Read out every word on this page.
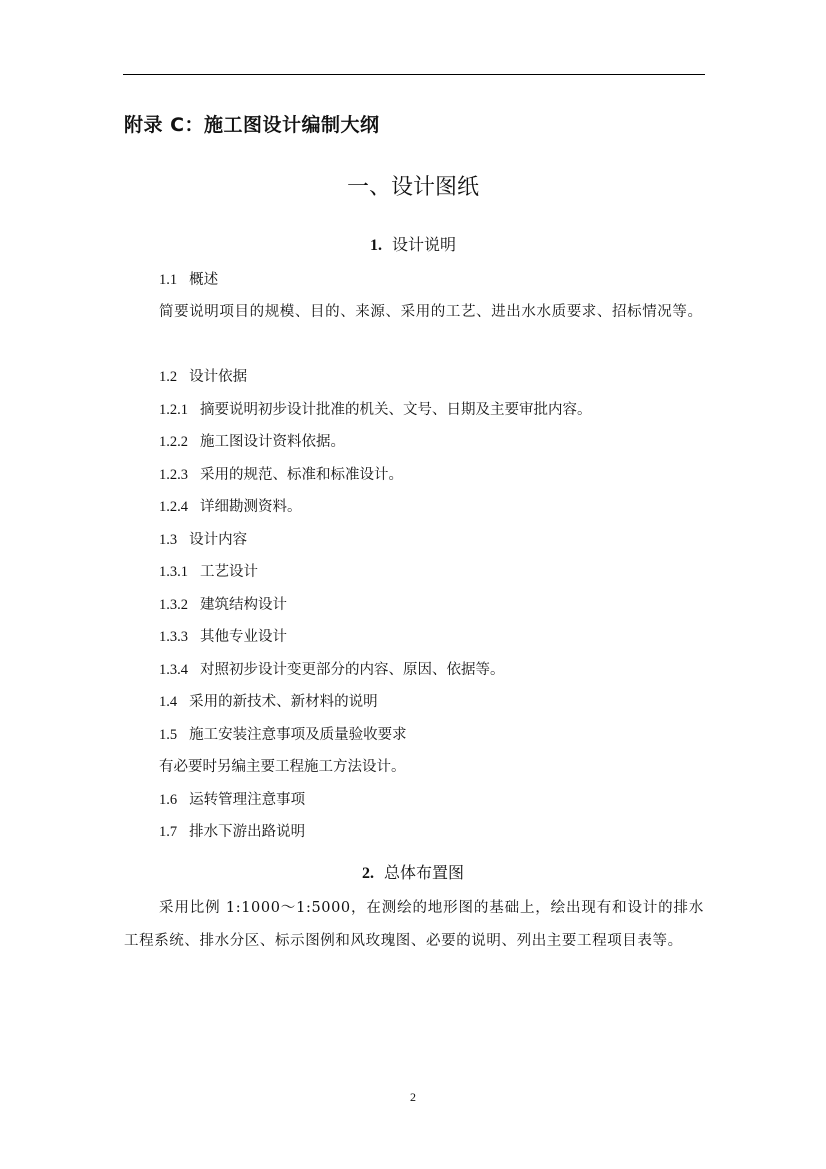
附录 C：施工图设计编制大纲
一、设计图纸
1. 设计说明
1.1 概述
简要说明项目的规模、目的、来源、采用的工艺、进出水水质要求、招标情况等。
1.2 设计依据
1.2.1 摘要说明初步设计批准的机关、文号、日期及主要审批内容。
1.2.2 施工图设计资料依据。
1.2.3 采用的规范、标准和标准设计。
1.2.4 详细勘测资料。
1.3 设计内容
1.3.1 工艺设计
1.3.2 建筑结构设计
1.3.3 其他专业设计
1.3.4 对照初步设计变更部分的内容、原因、依据等。
1.4 采用的新技术、新材料的说明
1.5 施工安装注意事项及质量验收要求
有必要时另编主要工程施工方法设计。
1.6 运转管理注意事项
1.7 排水下游出路说明
2. 总体布置图
采用比例 1:1000～1:5000，在测绘的地形图的基础上，绘出现有和设计的排水工程系统、排水分区、标示图例和风玫瑰图、必要的说明、列出主要工程项目表等。
2
